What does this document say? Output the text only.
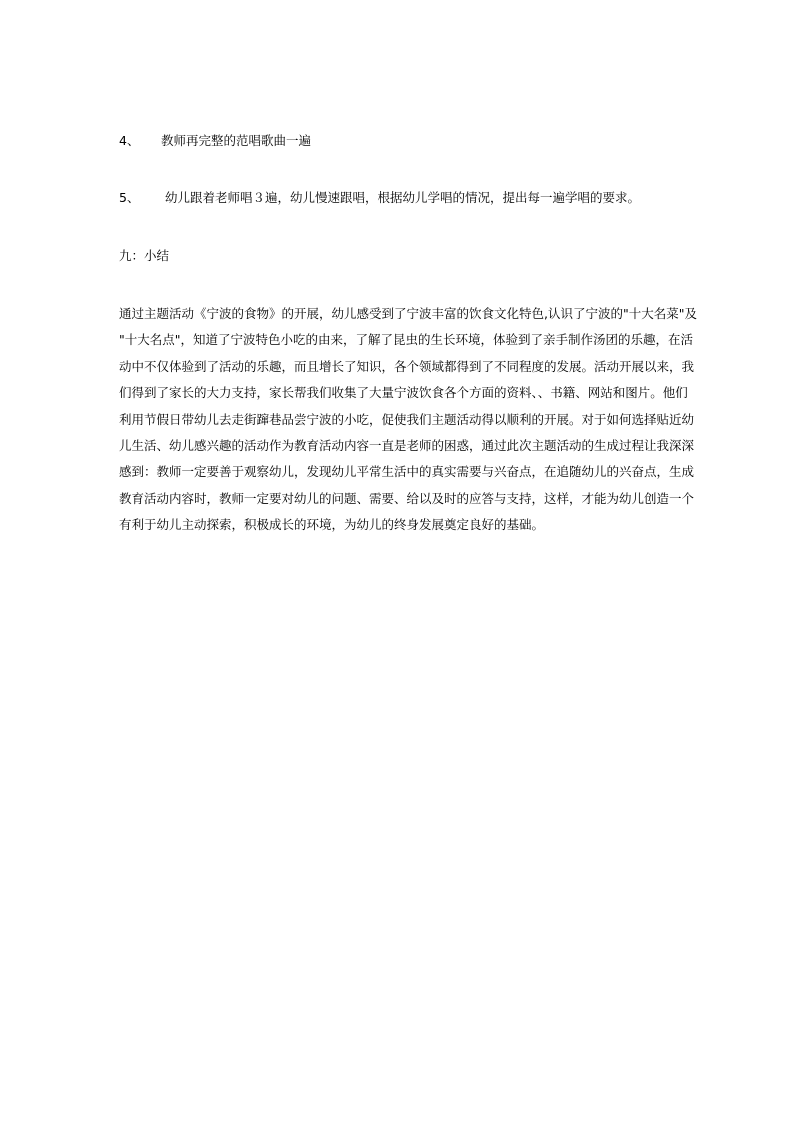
4、 教师再完整的范唱歌曲一遍
5、 幼儿跟着老师唱３遍，幼儿慢速跟唱，根据幼儿学唱的情况，提出每一遍学唱的要求。
九：小结
通过主题活动《宁波的食物》的开展，幼儿感受到了宁波丰富的饮食文化特色,认识了宁波的"十大名菜"及
"十大名点"，知道了宁波特色小吃的由来，了解了昆虫的生长环境，体验到了亲手制作汤团的乐趣，在活
动中不仅体验到了活动的乐趣，而且增长了知识，各个领域都得到了不同程度的发展。活动开展以来，我
们得到了家长的大力支持，家长帮我们收集了大量宁波饮食各个方面的资料、、书籍、网站和图片。他们
利用节假日带幼儿去走街蹿巷品尝宁波的小吃，促使我们主题活动得以顺利的开展。对于如何选择贴近幼
儿生活、幼儿感兴趣的活动作为教育活动内容一直是老师的困惑，通过此次主题活动的生成过程让我深深
感到：教师一定要善于观察幼儿，发现幼儿平常生活中的真实需要与兴奋点，在追随幼儿的兴奋点，生成
教育活动内容时，教师一定要对幼儿的问题、需要、给以及时的应答与支持，这样，才能为幼儿创造一个
有利于幼儿主动探索，积极成长的环境，为幼儿的终身发展奠定良好的基础。
